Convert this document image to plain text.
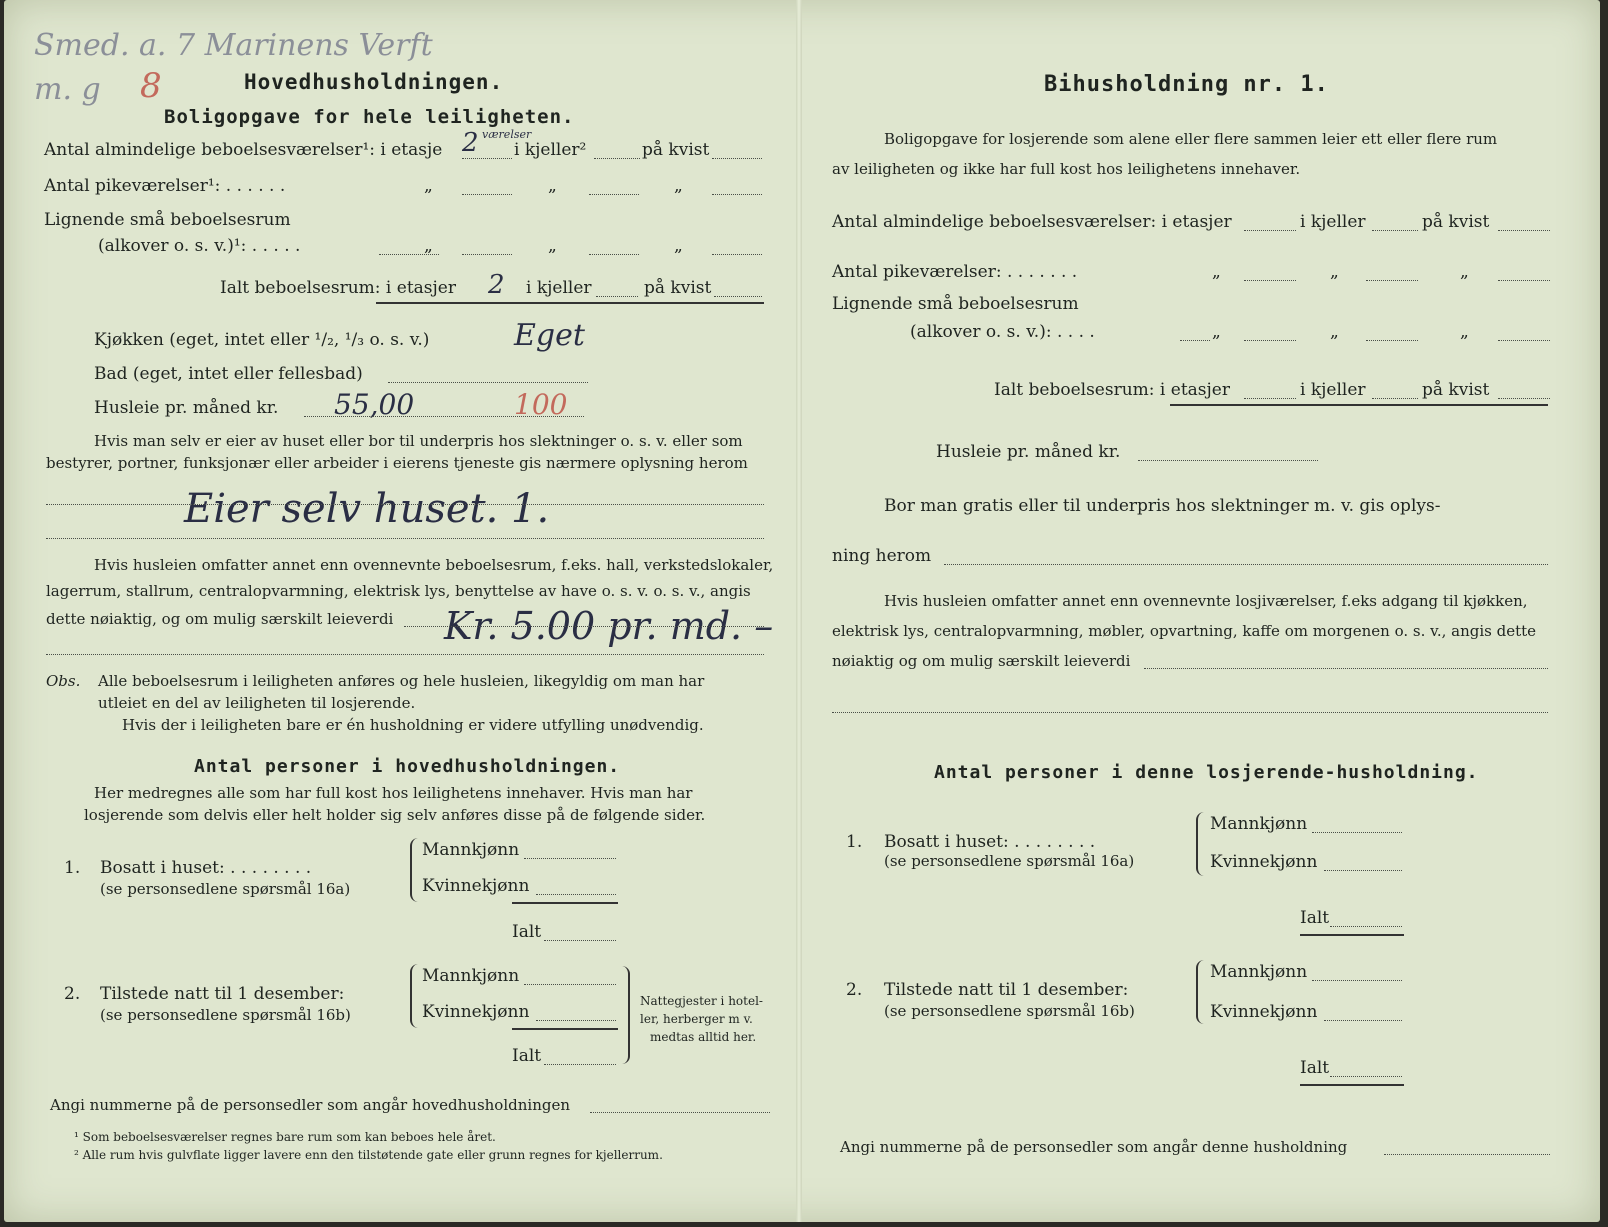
Smed. a. 7 Marinens Verft
m. g 8	Hovedhusholdningen.
Boligopgave for hele leiligheten.
Antal almindelige beboelsesværelser¹: i etasje 2 værelser
i kjeller²	på kvist
Antal pikeværelser¹: . . . . . .	„	„	„
Lignende små beboelsesrum
(alkover o. s. v.)¹: . . . . .	„	„	„
Ialt beboelsesrum: i etasjer 2 i kjeller	på kvist
Kjøkken (eget, intet eller ¹/₂, ¹/₃ o. s. v.)	Eget
Bad (eget, intet eller fellesbad)
Husleie pr. måned kr. 55,00	100
Hvis man selv er eier av huset eller bor til underpris hos slektninger o. s. v. eller som
bestyrer, portner, funksjonær eller arbeider i eierens tjeneste gis nærmere oplysning herom
Eier selv huset. 1.
Hvis husleien omfatter annet enn ovennevnte beboelsesrum, f.eks. hall, verkstedslokaler,
lagerrum, stallrum, centralopvarmning, elektrisk lys, benyttelse av have o. s. v. o. s. v., angis
dette nøiaktig, og om mulig særskilt leieverdi Kr. 5.00 pr. md. –
Obs. Alle beboelsesrum i leiligheten anføres og hele husleien, likegyldig om man har
utleiet en del av leiligheten til losjerende.
Hvis der i leiligheten bare er én husholdning er videre utfylling unødvendig.
Antal personer i hovedhusholdningen.
Her medregnes alle som har full kost hos leilighetens innehaver. Hvis man har
losjerende som delvis eller helt holder sig selv anføres disse på de følgende sider.
1. Bosatt i huset: . . . . . . . .
(se personsedlene spørsmål 16a)
Mannkjønn
Kvinnekjønn
Ialt
2. Tilstede natt til 1 desember:
(se personsedlene spørsmål 16b)
Mannkjønn
Kvinnekjønn
Ialt
Nattegjester i hotel-
ler, herberger m v.
medtas alltid her.
Angi nummerne på de personsedler som angår hovedhusholdningen
¹ Som beboelsesværelser regnes bare rum som kan beboes hele året.
² Alle rum hvis gulvflate ligger lavere enn den tilstøtende gate eller grunn regnes for kjellerrum.
Bihusholdning nr. 1.
Boligopgave for losjerende som alene eller flere sammen leier ett eller flere rum
av leiligheten og ikke har full kost hos leilighetens innehaver.
Antal almindelige beboelsesværelser: i etasjer	i kjeller	på kvist
Antal pikeværelser: . . . . . . .	„	„	„
Lignende små beboelsesrum
(alkover o. s. v.): . . . .	„	„	„
Ialt beboelsesrum: i etasjer	i kjeller	på kvist
Husleie pr. måned kr.
Bor man gratis eller til underpris hos slektninger m. v. gis oplys-
ning herom
Hvis husleien omfatter annet enn ovennevnte losjiværelser, f.eks adgang til kjøkken,
elektrisk lys, centralopvarmning, møbler, opvartning, kaffe om morgenen o. s. v., angis dette
nøiaktig og om mulig særskilt leieverdi
Antal personer i denne losjerende-husholdning.
1. Bosatt i huset: . . . . . . . .
(se personsedlene spørsmål 16a)
Mannkjønn
Kvinnekjønn
Ialt
2. Tilstede natt til 1 desember:
(se personsedlene spørsmål 16b)
Mannkjønn
Kvinnekjønn
Ialt
Angi nummerne på de personsedler som angår denne husholdning
